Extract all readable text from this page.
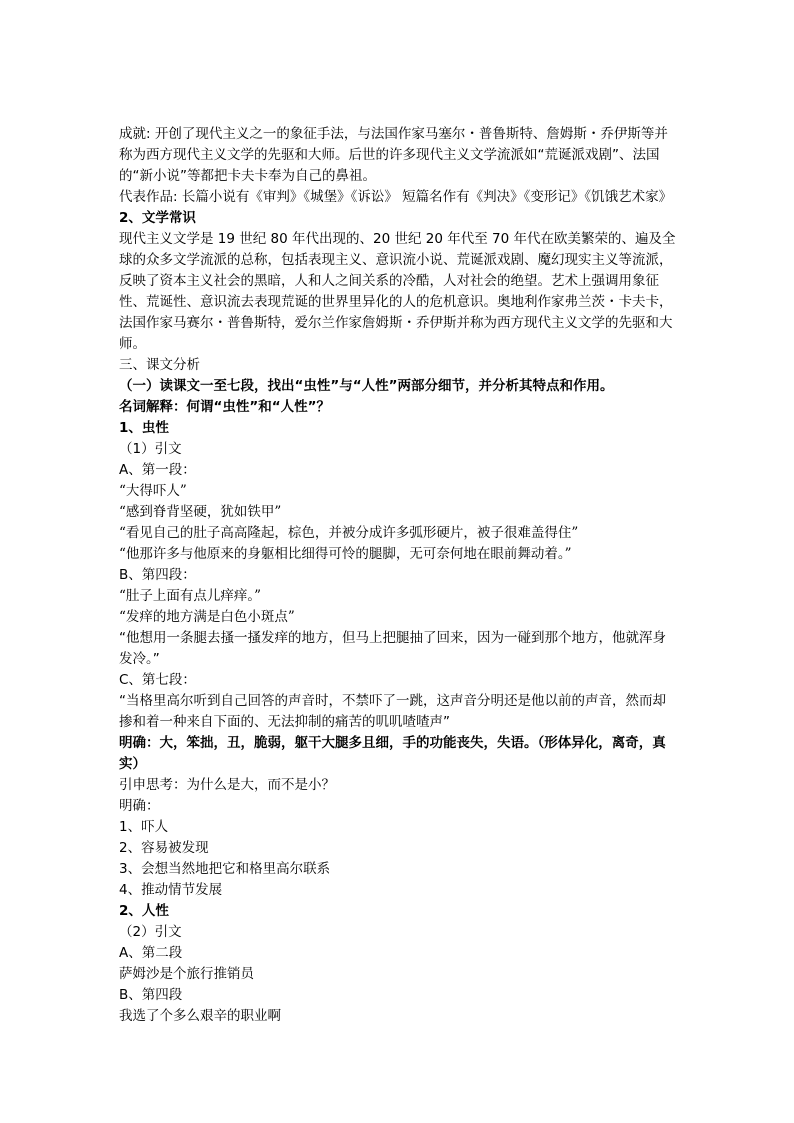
成就: 开创了现代主义之一的象征手法，与法国作家马塞尔・普鲁斯特、詹姆斯・乔伊斯等并称为西方现代主义文学的先驱和大师。后世的许多现代主义文学流派如“荒诞派戏剧”、法国的“新小说”等都把卡夫卡奉为自己的鼻祖。

代表作品: 长篇小说有《审判》《城堡》《诉讼》 短篇名作有《判决》《变形记》《饥饿艺术家》

2、文学常识

现代主义文学是 19 世纪 80 年代出现的、20 世纪 20 年代至 70 年代在欧美繁荣的、遍及全球的众多文学流派的总称，包括表现主义、意识流小说、荒诞派戏剧、魔幻现实主义等流派，反映了资本主义社会的黑暗，人和人之间关系的冷酷，人对社会的绝望。艺术上强调用象征性、荒诞性、意识流去表现荒诞的世界里异化的人的危机意识。奥地利作家弗兰茨・卡夫卡，法国作家马赛尔・普鲁斯特，爱尔兰作家詹姆斯・乔伊斯并称为西方现代主义文学的先驱和大师。

三、课文分析

（一）读课文一至七段，找出“虫性”与“人性”两部分细节，并分析其特点和作用。

名词解释：何谓“虫性”和“人性”？

1、虫性

（1）引文

A、第一段：

“大得吓人”

“感到脊背坚硬，犹如铁甲”

“看见自己的肚子高高隆起，棕色，并被分成许多弧形硬片，被子很难盖得住”

“他那许多与他原来的身躯相比细得可怜的腿脚，无可奈何地在眼前舞动着。”

B、第四段：

“肚子上面有点儿痒痒。”

“发痒的地方满是白色小斑点”

“他想用一条腿去搔一搔发痒的地方，但马上把腿抽了回来，因为一碰到那个地方，他就浑身发冷。”

C、第七段：

“当格里高尔听到自己回答的声音时，不禁吓了一跳，这声音分明还是他以前的声音，然而却掺和着一种来自下面的、无法抑制的痛苦的叽叽喳喳声”

明确：大，笨拙，丑，脆弱，躯干大腿多且细，手的功能丧失，失语。（形体异化，离奇，真实）

引申思考：为什么是大，而不是小？

明确：

1、吓人

2、容易被发现

3、会想当然地把它和格里高尔联系

4、推动情节发展

2、人性

（2）引文

A、第二段

萨姆沙是个旅行推销员

B、第四段

我选了个多么艰辛的职业啊
